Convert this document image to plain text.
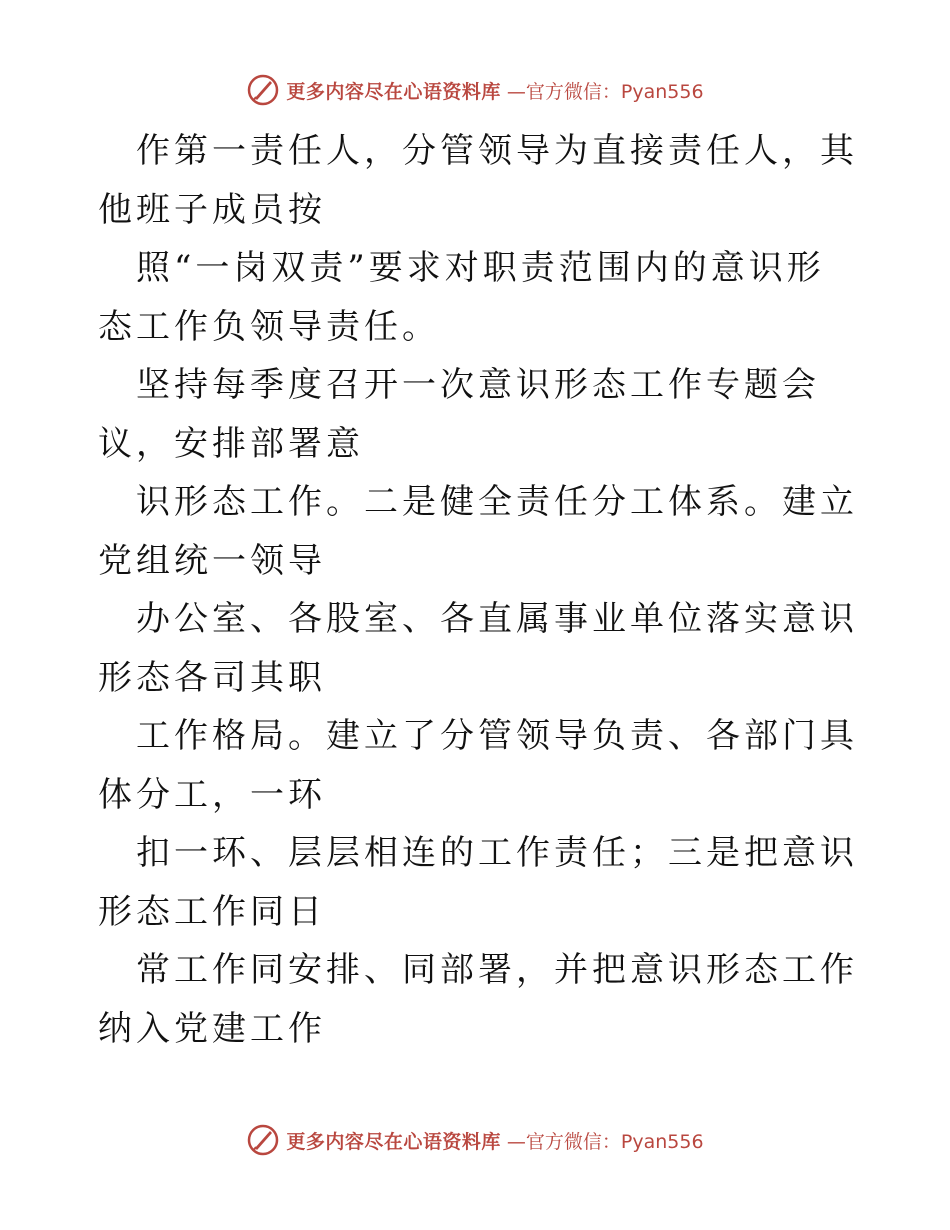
更多内容尽在心语资料库 —官方微信：Pyan556

作第一责任人，分管领导为直接责任人，其他班子成员按

照“一岗双责”要求对职责范围内的意识形态工作负领导责任。

坚持每季度召开一次意识形态工作专题会议，安排部署意

识形态工作。二是健全责任分工体系。建立党组统一领导

办公室、各股室、各直属事业单位落实意识形态各司其职

工作格局。建立了分管领导负责、各部门具体分工，一环

扣一环、层层相连的工作责任；三是把意识形态工作同日

常工作同安排、同部署，并把意识形态工作纳入党建工作

更多内容尽在心语资料库 —官方微信：Pyan556
